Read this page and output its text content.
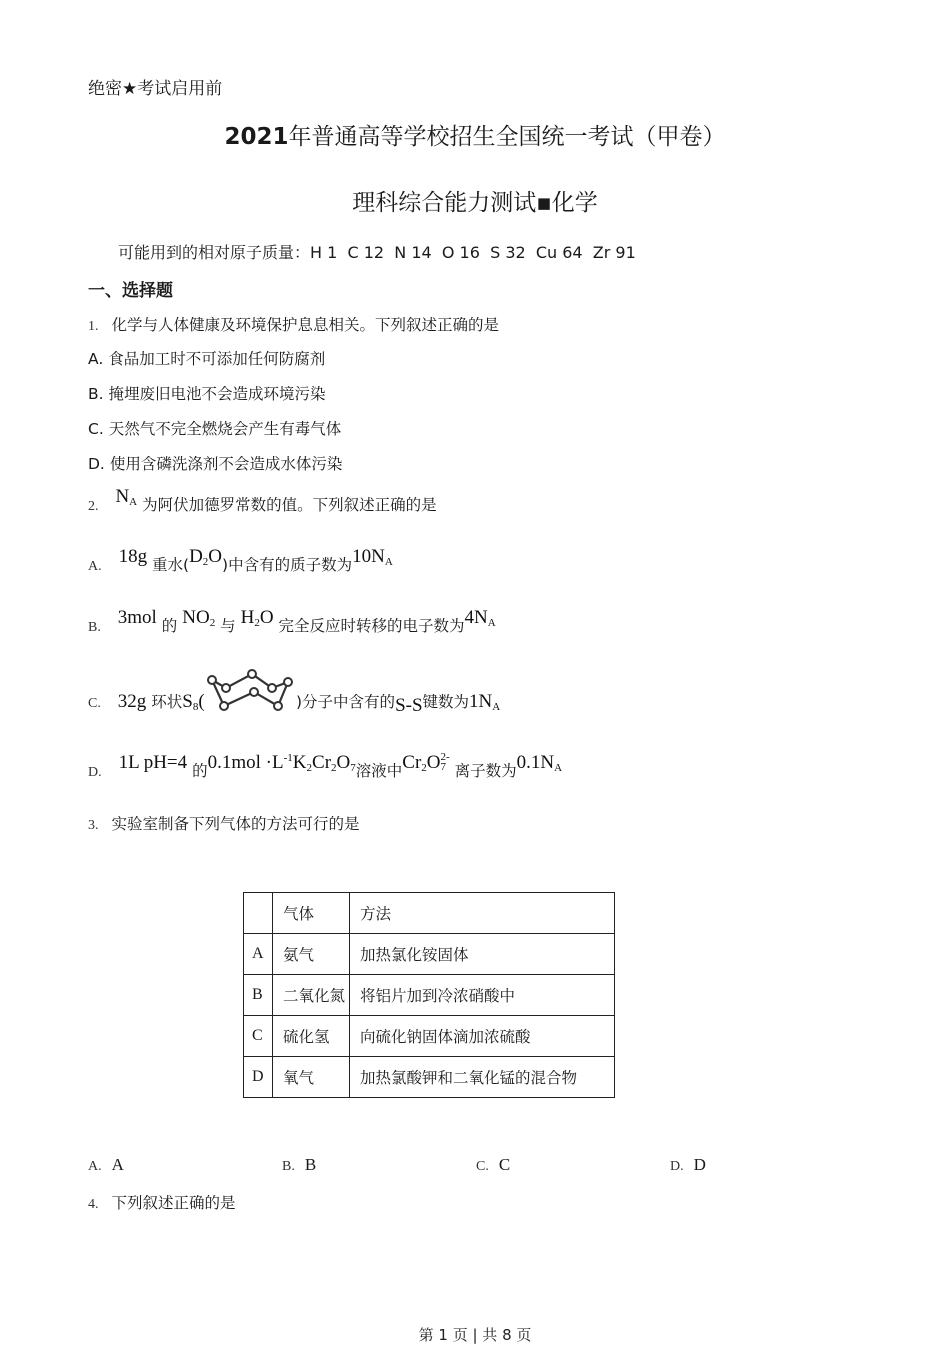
绝密★考试启用前
2021年普通高等学校招生全国统一考试（甲卷）
理科综合能力测试▪化学
可能用到的相对原子质量：H 1  C 12  N 14  O 16  S 32  Cu 64  Zr 91
一、选择题
1. 化学与人体健康及环境保护息息相关。下列叙述正确的是
A. 食品加工时不可添加任何防腐剂
B. 掩埋废旧电池不会造成环境污染
C. 天然气不完全燃烧会产生有毒气体
D. 使用含磷洗涤剂不会造成水体污染
2. $N_A$ 为阿伏加德罗常数的值。下列叙述正确的是
A. 18g 重水$(D_2O)$中含有的质子数为$10N_A$
B. 3mol 的 $NO_2$ 与 $H_2O$ 完全反应时转移的电子数为$4N_A$
C. 32g 环状$S_8$(	)分子中含有的S-S键数为$1N_A$
D. 1L pH=4 的$0.1mol \cdot L^{-1}K_2Cr_2O_7$溶液中$Cr_2O$ 2-
7 离子数为$0.1N_A$
3. 实验室制备下列气体的方法可行的是
	气体	方法
A	氨气	加热氯化铵固体
B	二氧化氮	将铝片加到冷浓硝酸中
C	硫化氢	向硫化钠固体滴加浓硫酸
D	氧气	加热氯酸钾和二氧化锰的混合物
A. A	B. B	C. C	D. D
4. 下列叙述正确的是
第 1 页 | 共 8 页
